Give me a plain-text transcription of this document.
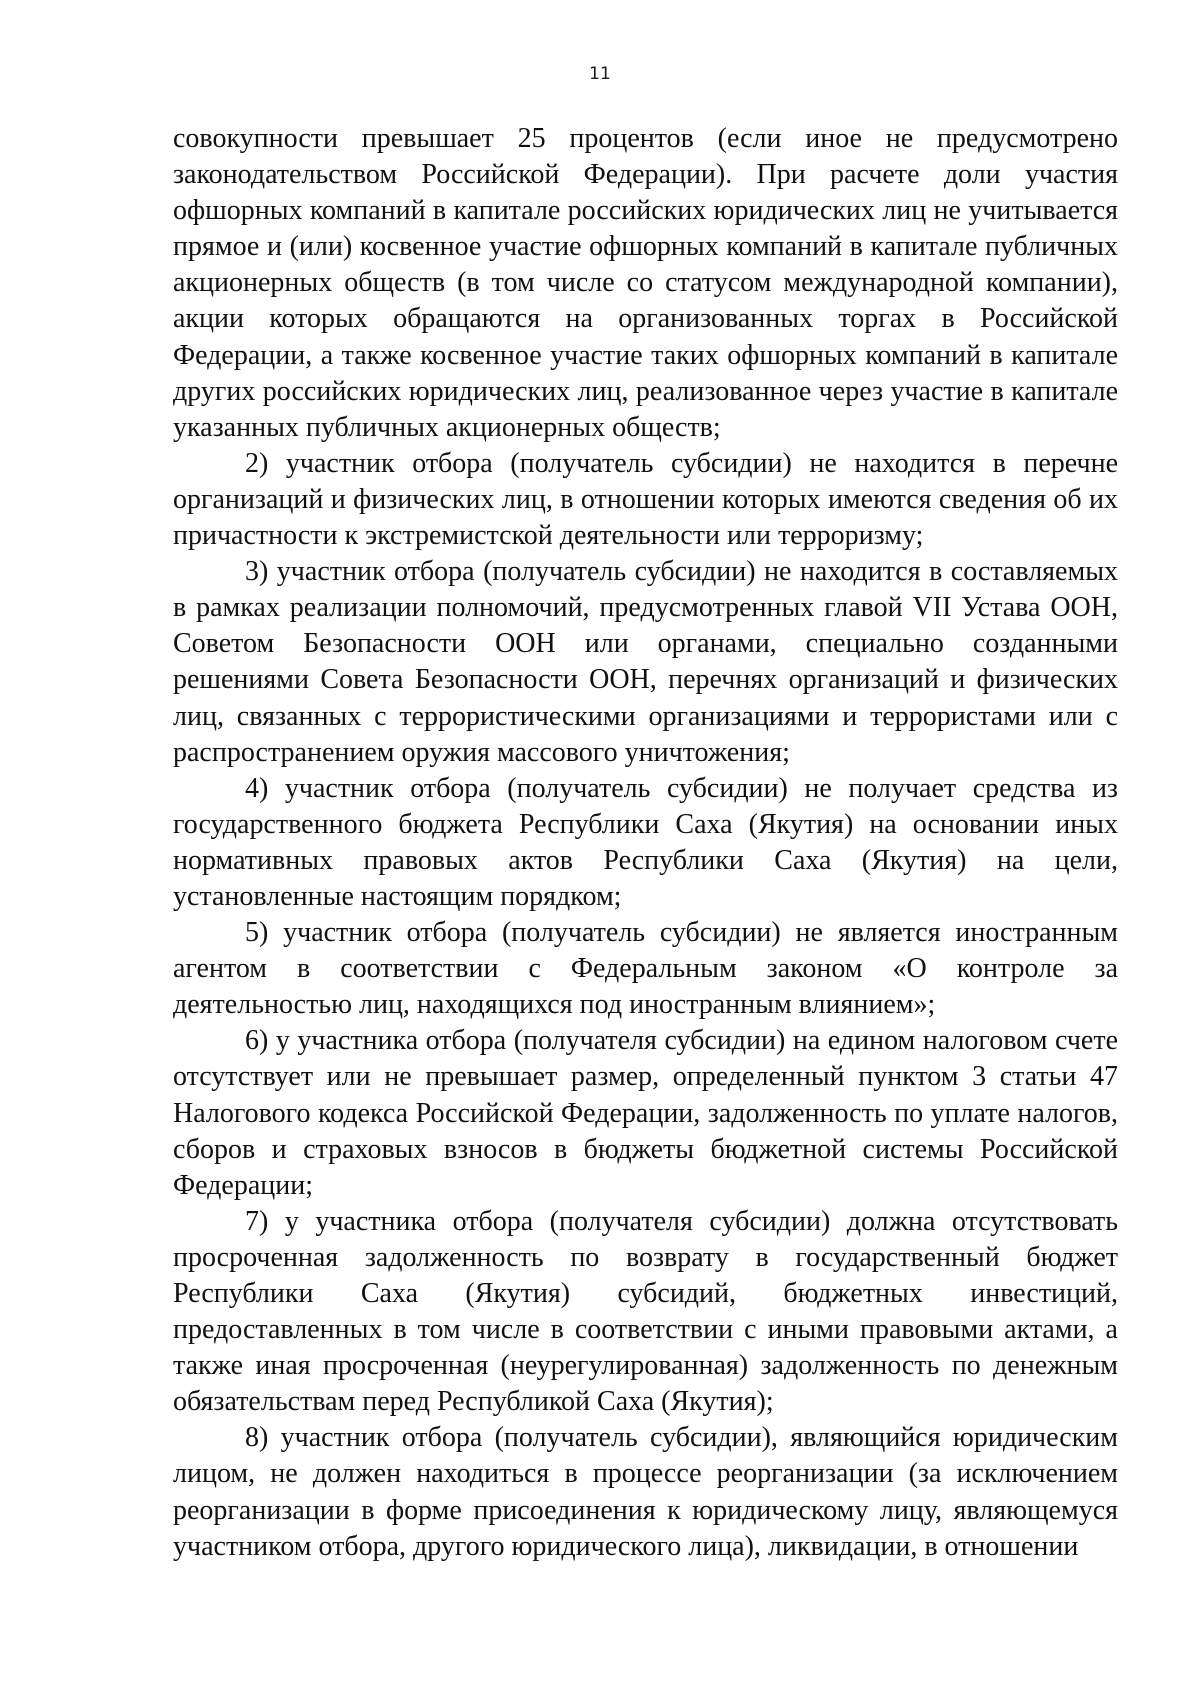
11

совокупности превышает 25 процентов (если иное не предусмотрено законодательством Российской Федерации). При расчете доли участия офшорных компаний в капитале российских юридических лиц не учитывается прямое и (или) косвенное участие офшорных компаний в капитале публичных акционерных обществ (в том числе со статусом международной компании), акции которых обращаются на организованных торгах в Российской Федерации, а также косвенное участие таких офшорных компаний в капитале других российских юридических лиц, реализованное через участие в капитале указанных публичных акционерных обществ;

2) участник отбора (получатель субсидии) не находится в перечне организаций и физических лиц, в отношении которых имеются сведения об их причастности к экстремистской деятельности или терроризму;

3) участник отбора (получатель субсидии) не находится в составляемых в рамках реализации полномочий, предусмотренных главой VII Устава ООН, Советом Безопасности ООН или органами, специально созданными решениями Совета Безопасности ООН, перечнях организаций и физических лиц, связанных с террористическими организациями и террористами или с распространением оружия массового уничтожения;

4) участник отбора (получатель субсидии) не получает средства из государственного бюджета Республики Саха (Якутия) на основании иных нормативных правовых актов Республики Саха (Якутия) на цели, установленные настоящим порядком;

5) участник отбора (получатель субсидии) не является иностранным агентом в соответствии с Федеральным законом «О контроле за деятельностью лиц, находящихся под иностранным влиянием»;

6) у участника отбора (получателя субсидии) на едином налоговом счете отсутствует или не превышает размер, определенный пунктом 3 статьи 47 Налогового кодекса Российской Федерации, задолженность по уплате налогов, сборов и страховых взносов в бюджеты бюджетной системы Российской Федерации;

7) у участника отбора (получателя субсидии) должна отсутствовать просроченная задолженность по возврату в государственный бюджет Республики Саха (Якутия) субсидий, бюджетных инвестиций, предоставленных в том числе в соответствии с иными правовыми актами, а также иная просроченная (неурегулированная) задолженность по денежным обязательствам перед Республикой Саха (Якутия);

8) участник отбора (получатель субсидии), являющийся юридическим лицом, не должен находиться в процессе реорганизации (за исключением реорганизации в форме присоединения к юридическому лицу, являющемуся участником отбора, другого юридического лица), ликвидации, в отношении
